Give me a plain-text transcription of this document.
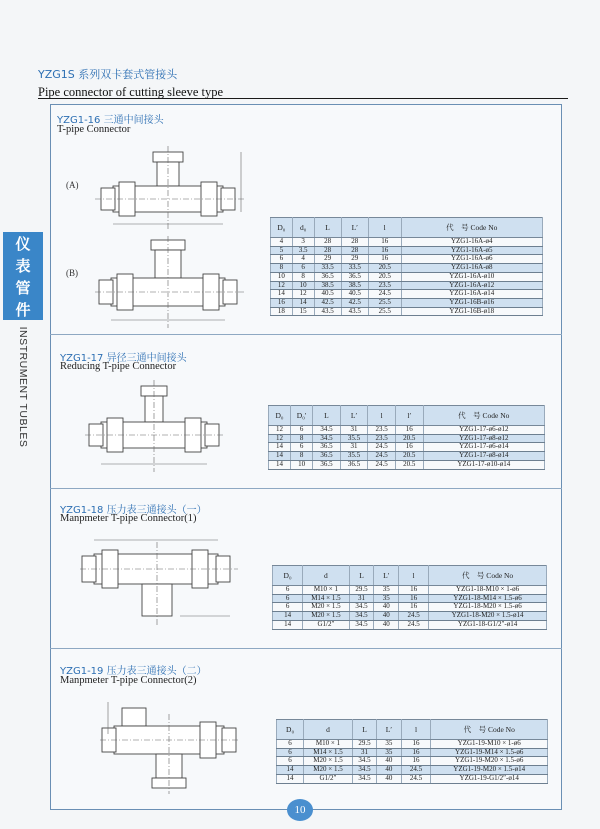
YZG1S 系列双卡套式管接头
Pipe connector of cutting sleeve type
仪
表
管
件
INSTRUMENT TUBLES
YZG1-16 三通中间接头
T-pipe Connector
(A)
(B)
D₀	d₀	L	L′	l	代　号 Code No
4	3	28	28	16	YZG1-16A-ø4
5	3.5	28	28	16	YZG1-16A-ø5
6	4	29	29	16	YZG1-16A-ø6
8	6	33.5	33.5	20.5	YZG1-16A-ø8
10	8	36.5	36.5	20.5	YZG1-16A-ø10
12	10	38.5	38.5	23.5	YZG1-16A-ø12
14	12	40.5	40.5	24.5	YZG1-16A-ø14
16	14	42.5	42.5	25.5	YZG1-16B-ø16
18	15	43.5	43.5	25.5	YZG1-16B-ø18
YZG1-17 异径三通中间接头
Reducing T-pipe Connector
D₀	D₀′	L	L′	l	l′	代　号 Code No
12	6	34.5	31	23.5	16	YZG1-17-ø6-ø12
12	8	34.5	35.5	23.5	20.5	YZG1-17-ø8-ø12
14	6	36.5	31	24.5	16	YZG1-17-ø6-ø14
14	8	36.5	35.5	24.5	20.5	YZG1-17-ø8-ø14
14	10	36.5	36.5	24.5	20.5	YZG1-17-ø10-ø14
YZG1-18 压力表三通接头（一）
Manpmeter T-pipe Connector(1)
D₀	d	L	L′	l	代　号 Code No
6	M10 × 1	29.5	35	16	YZG1-18-M10 × 1-ø6
6	M14 × 1.5	31	35	16	YZG1-18-M14 × 1.5-ø6
6	M20 × 1.5	34.5	40	16	YZG1-18-M20 × 1.5-ø6
14	M20 × 1.5	34.5	40	24.5	YZG1-18-M20 × 1.5-ø14
14	G1/2″	34.5	40	24.5	YZG1-18-G1/2″-ø14
YZG1-19 压力表三通接头（二）
Manpmeter T-pipe Connector(2)
D₀	d	L	L′	l	代　号 Code No
6	M10 × 1	29.5	35	16	YZG1-19-M10 × 1-ø6
6	M14 × 1.5	31	35	16	YZG1-19-M14 × 1.5-ø6
6	M20 × 1.5	34.5	40	16	YZG1-19-M20 × 1.5-ø6
14	M20 × 1.5	34.5	40	24.5	YZG1-19-M20 × 1.5-ø14
14	G1/2″	34.5	40	24.5	YZG1-19-G1/2″-ø14
10
